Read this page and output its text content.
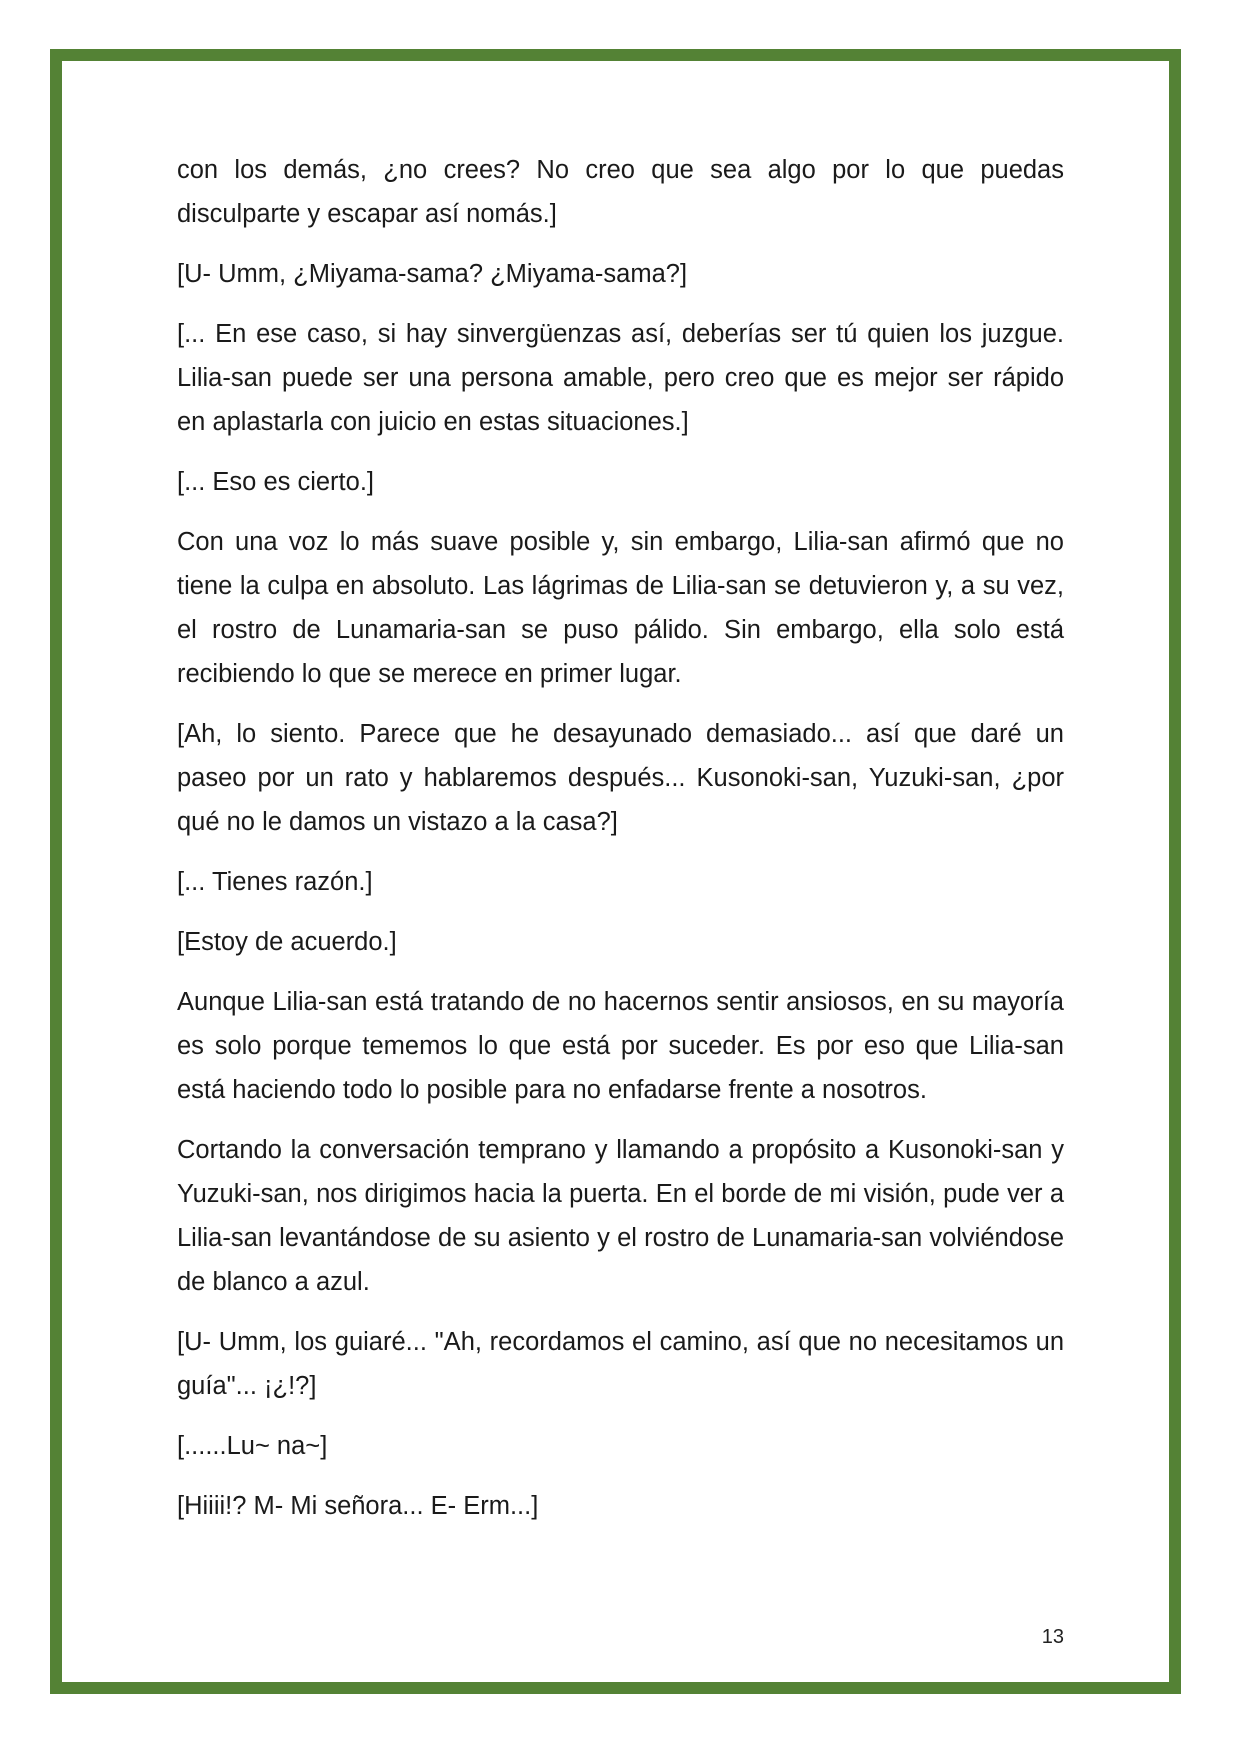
con los demás, ¿no crees? No creo que sea algo por lo que puedas disculparte y escapar así nomás.]

[U- Umm, ¿Miyama-sama? ¿Miyama-sama?]

[... En ese caso, si hay sinvergüenzas así, deberías ser tú quien los juzgue. Lilia-san puede ser una persona amable, pero creo que es mejor ser rápido en aplastarla con juicio en estas situaciones.]

[... Eso es cierto.]

Con una voz lo más suave posible y, sin embargo, Lilia-san afirmó que no tiene la culpa en absoluto. Las lágrimas de Lilia-san se detuvieron y, a su vez, el rostro de Lunamaria-san se puso pálido. Sin embargo, ella solo está recibiendo lo que se merece en primer lugar.

[Ah, lo siento. Parece que he desayunado demasiado... así que daré un paseo por un rato y hablaremos después... Kusonoki-san, Yuzuki-san, ¿por qué no le damos un vistazo a la casa?]

[... Tienes razón.]

[Estoy de acuerdo.]

Aunque Lilia-san está tratando de no hacernos sentir ansiosos, en su mayoría es solo porque tememos lo que está por suceder. Es por eso que Lilia-san está haciendo todo lo posible para no enfadarse frente a nosotros.

Cortando la conversación temprano y llamando a propósito a Kusonoki-san y Yuzuki-san, nos dirigimos hacia la puerta. En el borde de mi visión, pude ver a Lilia-san levantándose de su asiento y el rostro de Lunamaria-san volviéndose de blanco a azul.

[U- Umm, los guiaré... "Ah, recordamos el camino, así que no necesitamos un guía"... ¡¿!?]

[......Lu~ na~]

[Hiiii!? M- Mi señora... E- Erm...]

13
